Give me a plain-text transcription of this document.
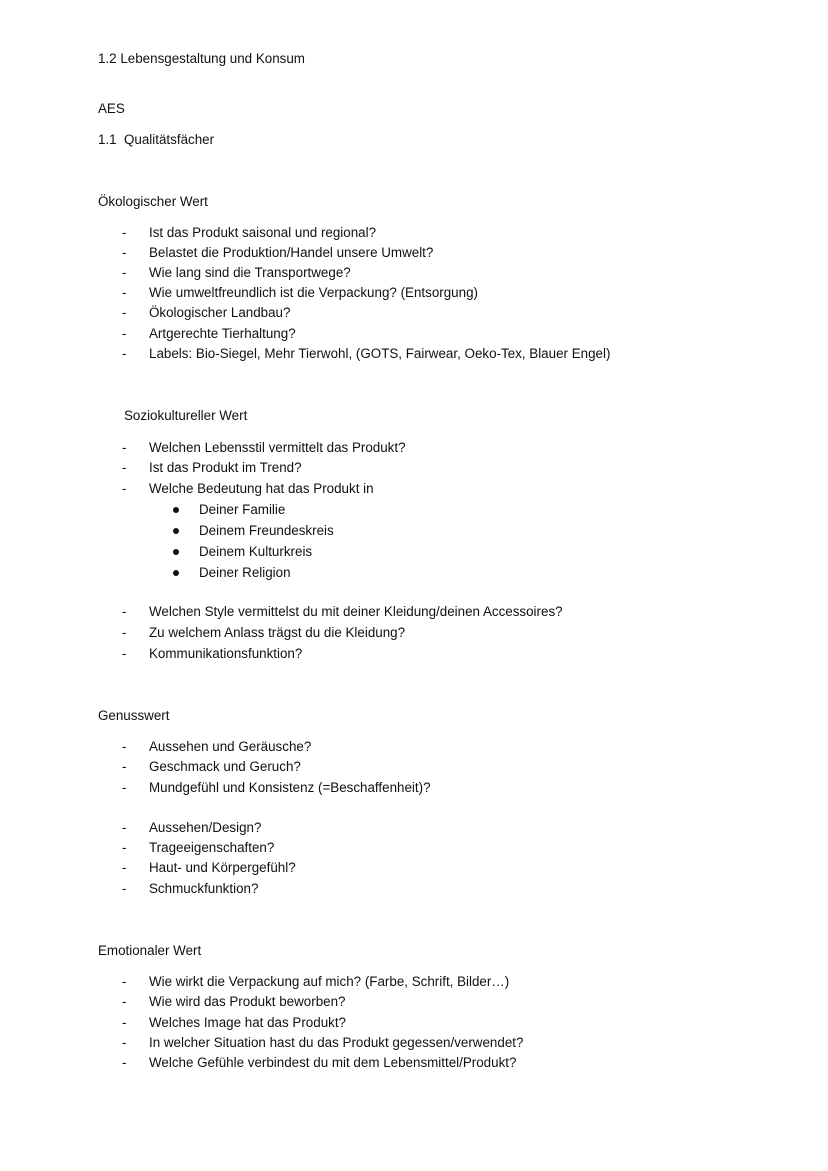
1.2 Lebensgestaltung und Konsum
AES
1.1 Qualitätsfächer
Ökologischer Wert
- Ist das Produkt saisonal und regional?
- Belastet die Produktion/Handel unsere Umwelt?
- Wie lang sind die Transportwege?
- Wie umweltfreundlich ist die Verpackung? (Entsorgung)
- Ökologischer Landbau?
- Artgerechte Tierhaltung?
- Labels: Bio-Siegel, Mehr Tierwohl, (GOTS, Fairwear, Oeko-Tex, Blauer Engel)
Soziokultureller Wert
- Welchen Lebensstil vermittelt das Produkt?
- Ist das Produkt im Trend?
- Welche Bedeutung hat das Produkt in
Deiner Familie
Deinem Freundeskreis
Deinem Kulturkreis
Deiner Religion
- Welchen Style vermittelst du mit deiner Kleidung/deinen Accessoires?
- Zu welchem Anlass trägst du die Kleidung?
- Kommunikationsfunktion?
Genusswert
- Aussehen und Geräusche?
- Geschmack und Geruch?
- Mundgefühl und Konsistenz (=Beschaffenheit)?
- Aussehen/Design?
- Trageeigenschaften?
- Haut- und Körpergefühl?
- Schmuckfunktion?
Emotionaler Wert
- Wie wirkt die Verpackung auf mich? (Farbe, Schrift, Bilder…)
- Wie wird das Produkt beworben?
- Welches Image hat das Produkt?
- In welcher Situation hast du das Produkt gegessen/verwendet?
- Welche Gefühle verbindest du mit dem Lebensmittel/Produkt?
